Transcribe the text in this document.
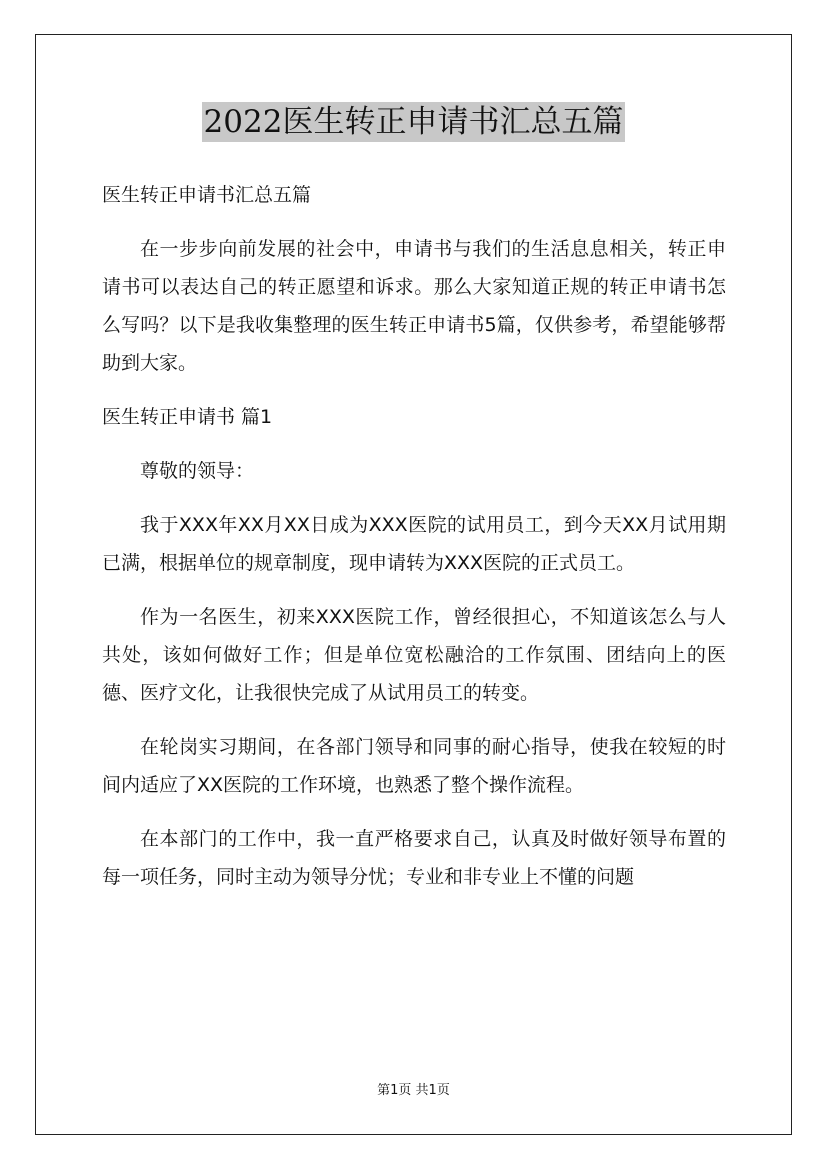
2022医生转正申请书汇总五篇

医生转正申请书汇总五篇

在一步步向前发展的社会中，申请书与我们的生活息息相关，转正申请书可以表达自己的转正愿望和诉求。那么大家知道正规的转正申请书怎么写吗？以下是我收集整理的医生转正申请书5篇，仅供参考，希望能够帮助到大家。

医生转正申请书 篇1

尊敬的领导：

我于XXX年XX月XX日成为XXX医院的试用员工，到今天XX月试用期已满，根据单位的规章制度，现申请转为XXX医院的正式员工。

作为一名医生，初来XXX医院工作，曾经很担心，不知道该怎么与人共处，该如何做好工作；但是单位宽松融洽的工作氛围、团结向上的医德、医疗文化，让我很快完成了从试用员工的转变。

在轮岗实习期间，在各部门领导和同事的耐心指导，使我在较短的时间内适应了XX医院的工作环境，也熟悉了整个操作流程。

在本部门的工作中，我一直严格要求自己，认真及时做好领导布置的每一项任务，同时主动为领导分忧；专业和非专业上不懂的问题

第1页 共1页
